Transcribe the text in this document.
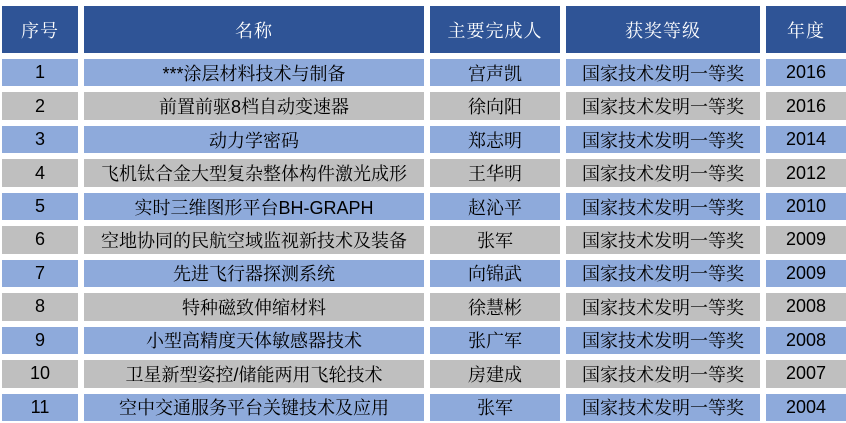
序号	名称	主要完成人	获奖等级	年度
1	***涂层材料技术与制备	宫声凯	国家技术发明一等奖	2016
2	前置前驱8档自动变速器	徐向阳	国家技术发明一等奖	2016
3	动力学密码	郑志明	国家技术发明一等奖	2014
4	飞机钛合金大型复杂整体构件激光成形	王华明	国家技术发明一等奖	2012
5	实时三维图形平台BH-GRAPH	赵沁平	国家技术发明一等奖	2010
6	空地协同的民航空域监视新技术及装备	张军	国家技术发明一等奖	2009
7	先进飞行器探测系统	向锦武	国家技术发明一等奖	2009
8	特种磁致伸缩材料	徐慧彬	国家技术发明一等奖	2008
9	小型高精度天体敏感器技术	张广军	国家技术发明一等奖	2008
10	卫星新型姿控/储能两用飞轮技术	房建成	国家技术发明一等奖	2007
11	空中交通服务平台关键技术及应用	张军	国家技术发明一等奖	2004
